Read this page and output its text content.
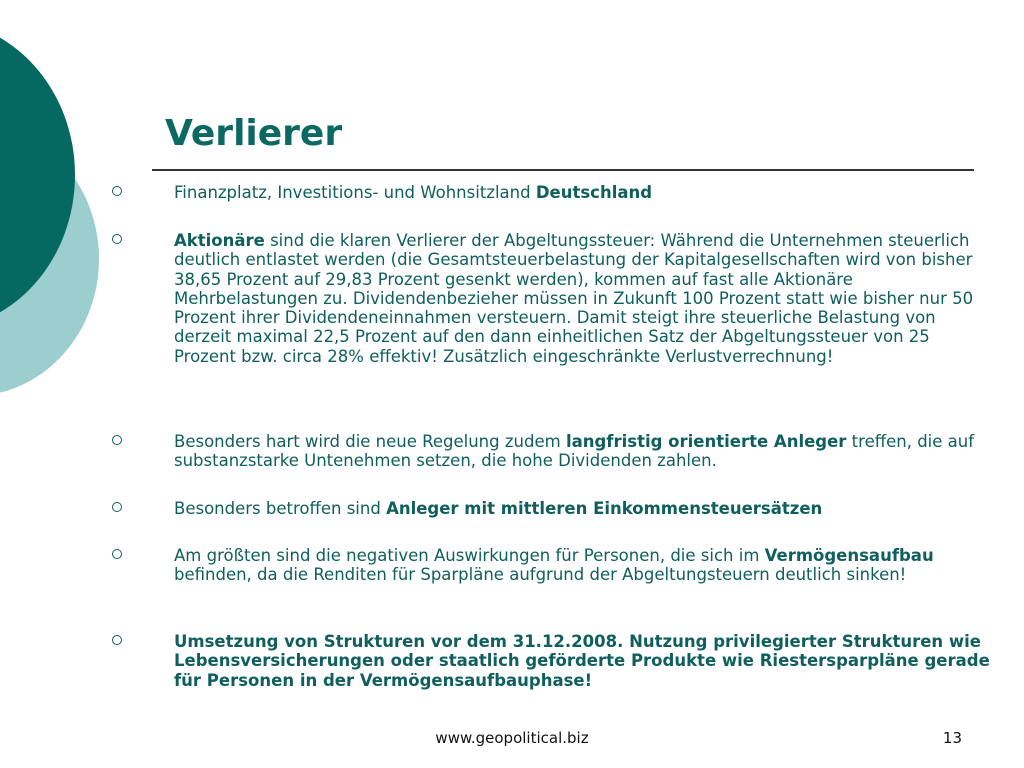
Verlierer
Finanzplatz, Investitions- und Wohnsitzland Deutschland
Aktionäre sind die klaren Verlierer der Abgeltungssteuer: Während die Unternehmen steuerlich deutlich entlastet werden (die Gesamtsteuerbelastung der Kapitalgesellschaften wird von bisher 38,65 Prozent auf 29,83 Prozent gesenkt werden), kommen auf fast alle Aktionäre Mehrbelastungen zu. Dividendenbezieher müssen in Zukunft 100 Prozent statt wie bisher nur 50 Prozent ihrer Dividendeneinnahmen versteuern. Damit steigt ihre steuerliche Belastung von derzeit maximal 22,5 Prozent auf den dann einheitlichen Satz der Abgeltungssteuer von 25 Prozent bzw. circa 28% effektiv! Zusätzlich eingeschränkte Verlustverrechnung!
Besonders hart wird die neue Regelung zudem langfristig orientierte Anleger treffen, die auf substanzstarke Untenehmen setzen, die hohe Dividenden zahlen.
Besonders betroffen sind Anleger mit mittleren Einkommensteuersätzen
Am größten sind die negativen Auswirkungen für Personen, die sich im Vermögensaufbau befinden, da die Renditen für Sparpläne aufgrund der Abgeltungsteuern deutlich sinken!
Umsetzung von Strukturen vor dem 31.12.2008. Nutzung privilegierter Strukturen wie Lebensversicherungen oder staatlich geförderte Produkte wie Riestersparpläne gerade für Personen in der Vermögensaufbauphase!
www.geopolitical.biz	13
